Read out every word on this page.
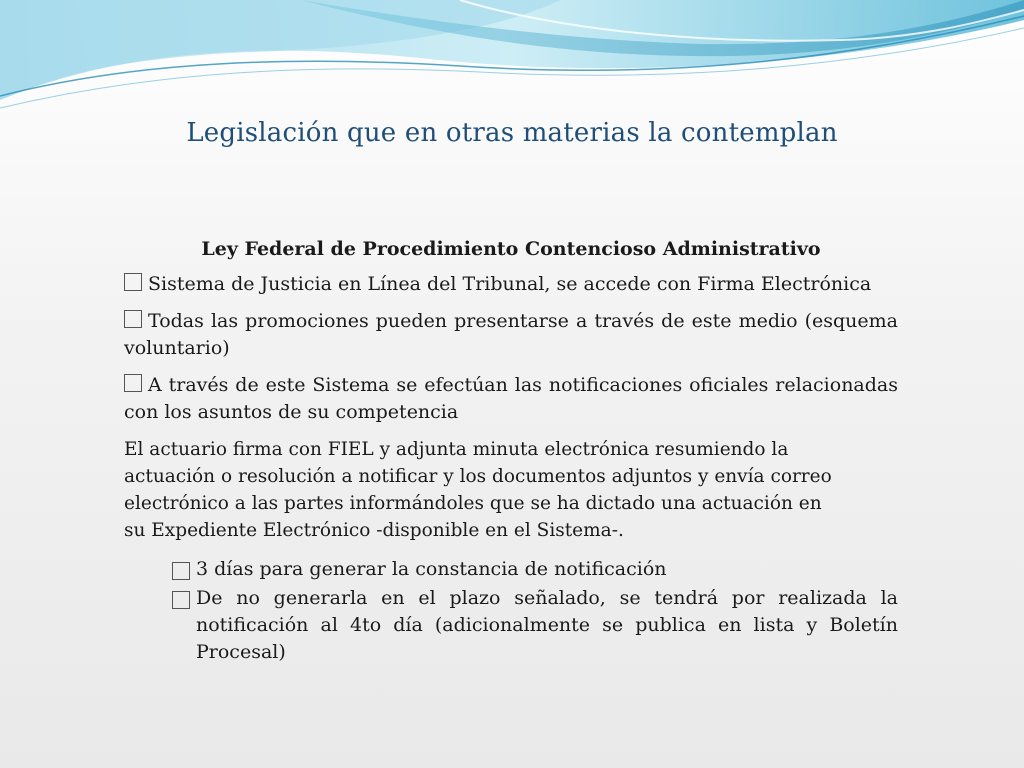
Legislación que en otras materias la contemplan
Ley Federal de Procedimiento Contencioso Administrativo
Sistema de Justicia en Línea del Tribunal, se accede con Firma Electrónica
Todas las promociones pueden presentarse a través de este medio (esquema voluntario)
A través de este Sistema se efectúan las notificaciones oficiales relacionadas con los asuntos de su competencia
El actuario firma con FIEL y adjunta minuta electrónica resumiendo la actuación o resolución a notificar y los documentos adjuntos y envía correo electrónico a las partes informándoles que se ha dictado una actuación en su Expediente Electrónico -disponible en el Sistema-.
3 días para generar la constancia de notificación
De no generarla en el plazo señalado, se tendrá por realizada la notificación al 4to día (adicionalmente se publica en lista y Boletín Procesal)
